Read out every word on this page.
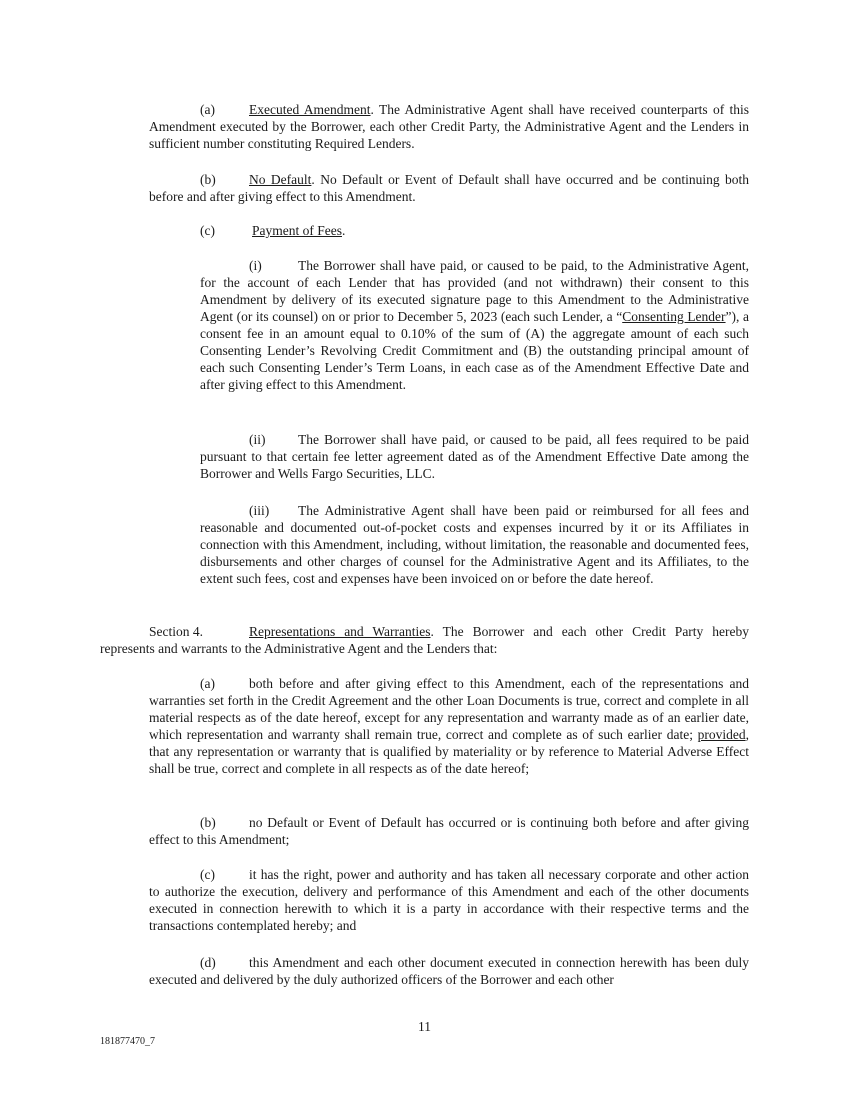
(a)	Executed Amendment. The Administrative Agent shall have received counterparts of this Amendment executed by the Borrower, each other Credit Party, the Administrative Agent and the Lenders in sufficient number constituting Required Lenders.

(b) No Default. No Default or Event of Default shall have occurred and be continuing both before and after giving effect to this Amendment.

(c)	Payment of Fees.

(i)	The Borrower shall have paid, or caused to be paid, to the Administrative Agent, for the account of each Lender that has provided (and not withdrawn) their consent to this Amendment by delivery of its executed signature page to this Amendment to the Administrative Agent (or its counsel) on or prior to December 5, 2023 (each such Lender, a “Consenting Lender”), a consent fee in an amount equal to 0.10% of the sum of (A) the aggregate amount of each such Consenting Lender’s Revolving Credit Commitment and (B) the outstanding principal amount of each such Consenting Lender’s Term Loans, in each case as of the Amendment Effective Date and after giving effect to this Amendment.

(ii) The Borrower shall have paid, or caused to be paid, all fees required to be paid pursuant to that certain fee letter agreement dated as of the Amendment Effective Date among the Borrower and Wells Fargo Securities, LLC.

(iii) The Administrative Agent shall have been paid or reimbursed for all fees and reasonable and documented out-of-pocket costs and expenses incurred by it or its Affiliates in connection with this Amendment, including, without limitation, the reasonable and documented fees, disbursements and other charges of counsel for the Administrative Agent and its Affiliates, to the extent such fees, cost and expenses have been invoiced on or before the date hereof.

Section 4.	Representations and Warranties. The Borrower and each other Credit Party hereby represents and warrants to the Administrative Agent and the Lenders that:

(a)	both before and after giving effect to this Amendment, each of the representations and warranties set forth in the Credit Agreement and the other Loan Documents is true, correct and complete in all material respects as of the date hereof, except for any representation and warranty made as of an earlier date, which representation and warranty shall remain true, correct and complete as of such earlier date; provided, that any representation or warranty that is qualified by materiality or by reference to Material Adverse Effect shall be true, correct and complete in all respects as of the date hereof;

(b) no Default or Event of Default has occurred or is continuing both before and after giving effect to this Amendment;

(c)	it has the right, power and authority and has taken all necessary corporate and other action to authorize the execution, delivery and performance of this Amendment and each of the other documents executed in connection herewith to which it is a party in accordance with their respective terms and the transactions contemplated hereby; and

(d) this Amendment and each other document executed in connection herewith has been duly executed and delivered by the duly authorized officers of the Borrower and each other

11
181877470_7
